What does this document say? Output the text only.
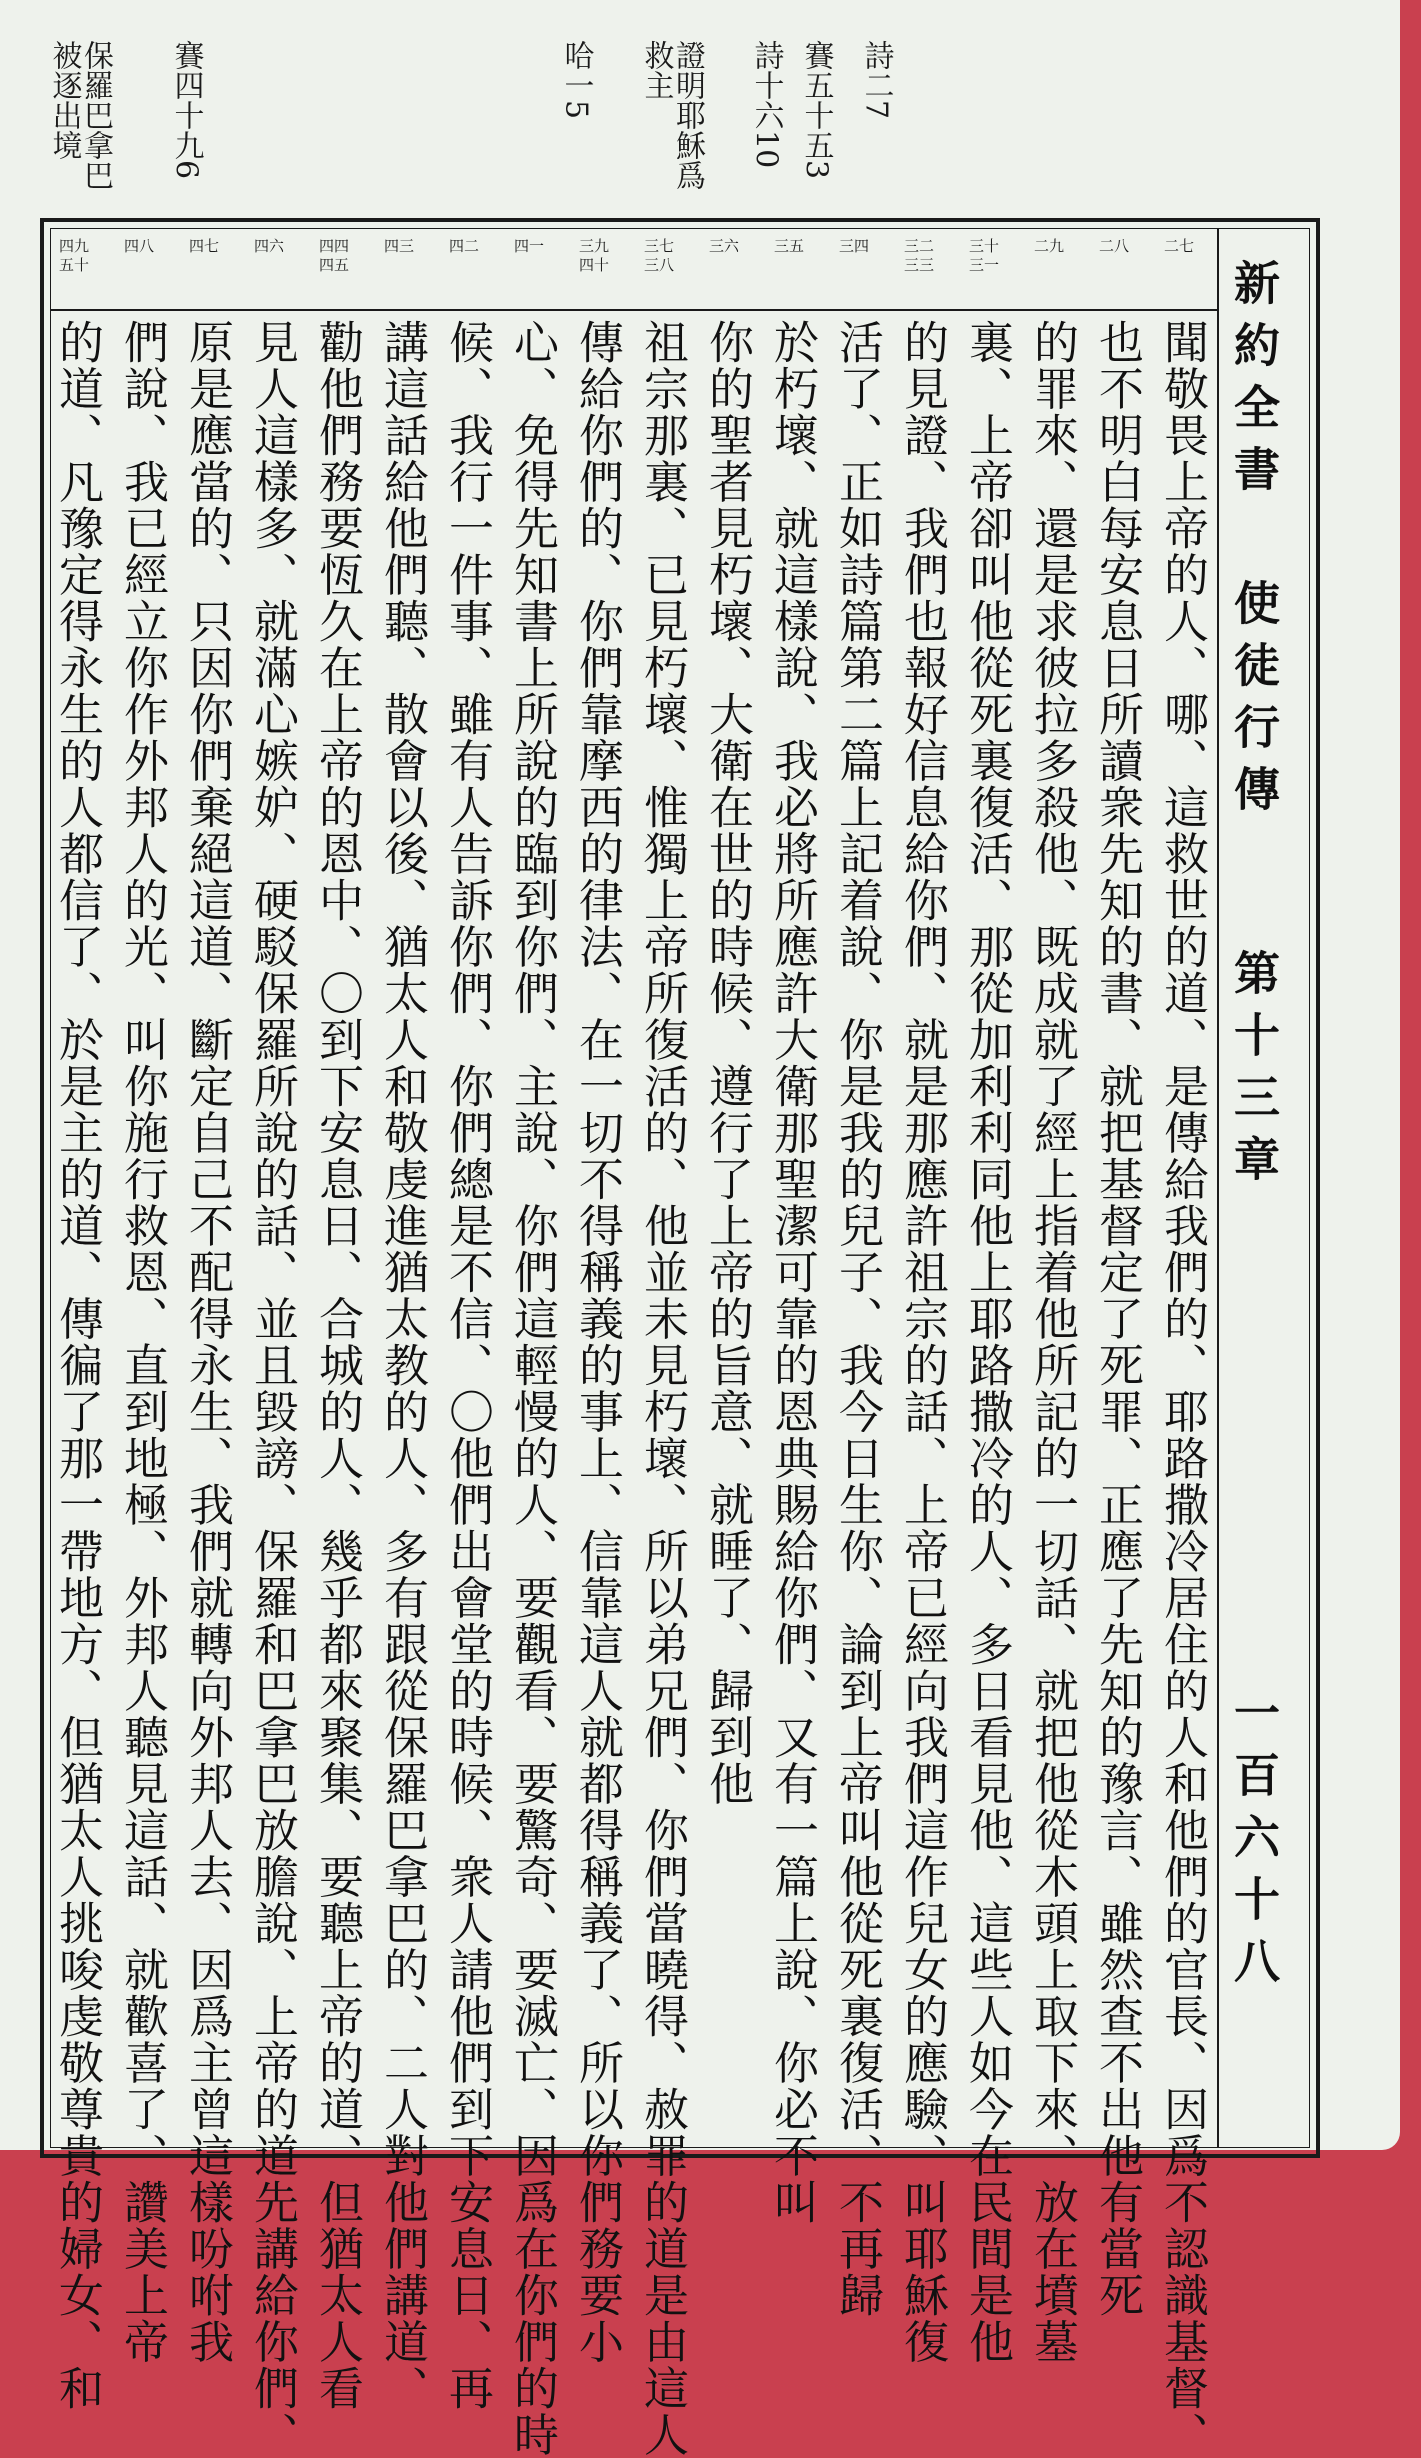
保羅巴拿巴
被逐出境	賽四十九6	哈一5	證明耶穌爲
救主	詩十六10 賽五十五3 詩二7
新約全書
使徒行傳
第十三章
一百六十八
二七
二八
二九
三十
三一
三二
三三
三四
三五
三六
三七
三八
三九
四十
四一
四二
四三
四四
四五
四六
四七
四八
四九
五十
聞敬畏上帝的人、哪、這救世的道、是傳給我們的、耶路撒冷居住的人和他們的官長、因爲不認識基督、
也不明白每安息日所讀衆先知的書、就把基督定了死罪、正應了先知的豫言、雖然查不出他有當死
的罪來、還是求彼拉多殺他、既成就了經上指着他所記的一切話、就把他從木頭上取下來、放在墳墓
裏、上帝卻叫他從死裏復活、那從加利利同他上耶路撒冷的人、多日看見他、這些人如今在民間是他
的見證、我們也報好信息給你們、就是那應許祖宗的話、上帝已經向我們這作兒女的應驗、叫耶穌復
活了、正如詩篇第二篇上記着說、你是我的兒子、我今日生你、論到上帝叫他從死裏復活、不再歸
於朽壞、就這樣說、我必將所應許大衛那聖潔可靠的恩典賜給你們、又有一篇上說、你必不叫
你的聖者見朽壞、大衛在世的時候、遵行了上帝的旨意、就睡了、歸到他
祖宗那裏、已見朽壞、惟獨上帝所復活的、他並未見朽壞、所以弟兄們、你們當曉得、赦罪的道是由這人
傳給你們的、你們靠摩西的律法、在一切不得稱義的事上、信靠這人就都得稱義了、所以你們務要小
心、免得先知書上所說的臨到你們、主說、你們這輕慢的人、要觀看、要驚奇、要滅亡、因爲在你們的時
候、我行一件事、雖有人告訴你們、你們總是不信、〇他們出會堂的時候、衆人請他們到下安息日、再
講這話給他們聽、散會以後、猶太人和敬虔進猶太教的人、多有跟從保羅巴拿巴的、二人對他們講道、
勸他們務要恆久在上帝的恩中、〇到下安息日、合城的人、幾乎都來聚集、要聽上帝的道、但猶太人看
見人這樣多、就滿心嫉妒、硬駁保羅所說的話、並且毀謗、保羅和巴拿巴放膽說、上帝的道先講給你們、
原是應當的、只因你們棄絕這道、斷定自己不配得永生、我們就轉向外邦人去、因爲主曾這樣吩咐我
們說、我已經立你作外邦人的光、叫你施行救恩、直到地極、外邦人聽見這話、就歡喜了、讚美上帝
的道、凡豫定得永生的人都信了、於是主的道、傳徧了那一帶地方、但猶太人挑唆虔敬尊貴的婦女、和
